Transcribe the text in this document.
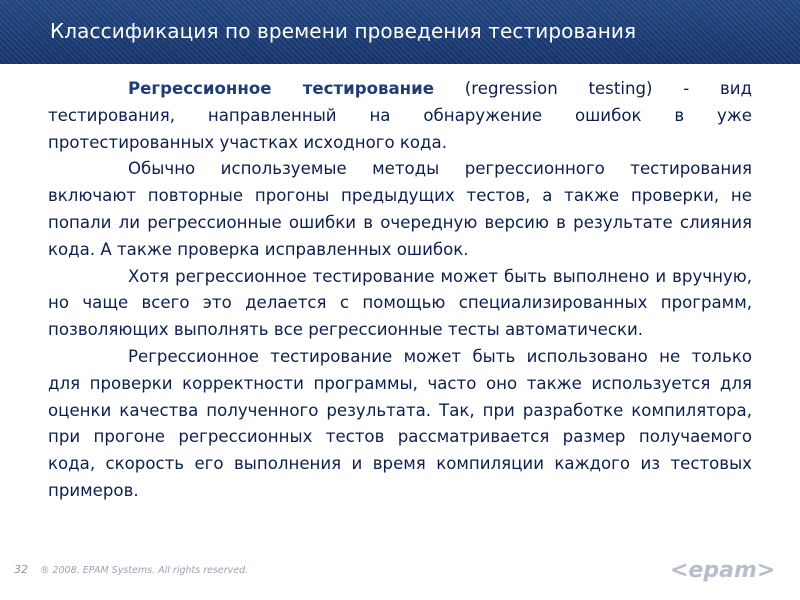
Классификация по времени проведения тестирования

Регрессионное тестирование (regression testing) - вид тестирования, направленный на обнаружение ошибок в уже протестированных участках исходного кода.

Обычно используемые методы регрессионного тестирования включают повторные прогоны предыдущих тестов, а также проверки, не попали ли регрессионные ошибки в очередную версию в результате слияния кода. А также проверка исправленных ошибок.

Хотя регрессионное тестирование может быть выполнено и вручную, но чаще всего это делается с помощью специализированных программ, позволяющих выполнять все регрессионные тесты автоматически.

Регрессионное тестирование может быть использовано не только для проверки корректности программы, часто оно также используется для оценки качества полученного результата. Так, при разработке компилятора, при прогоне регрессионных тестов рассматривается размер получаемого кода, скорость его выполнения и время компиляции каждого из тестовых примеров.

32 ® 2008. EPAM Systems. All rights reserved.	<epam>
